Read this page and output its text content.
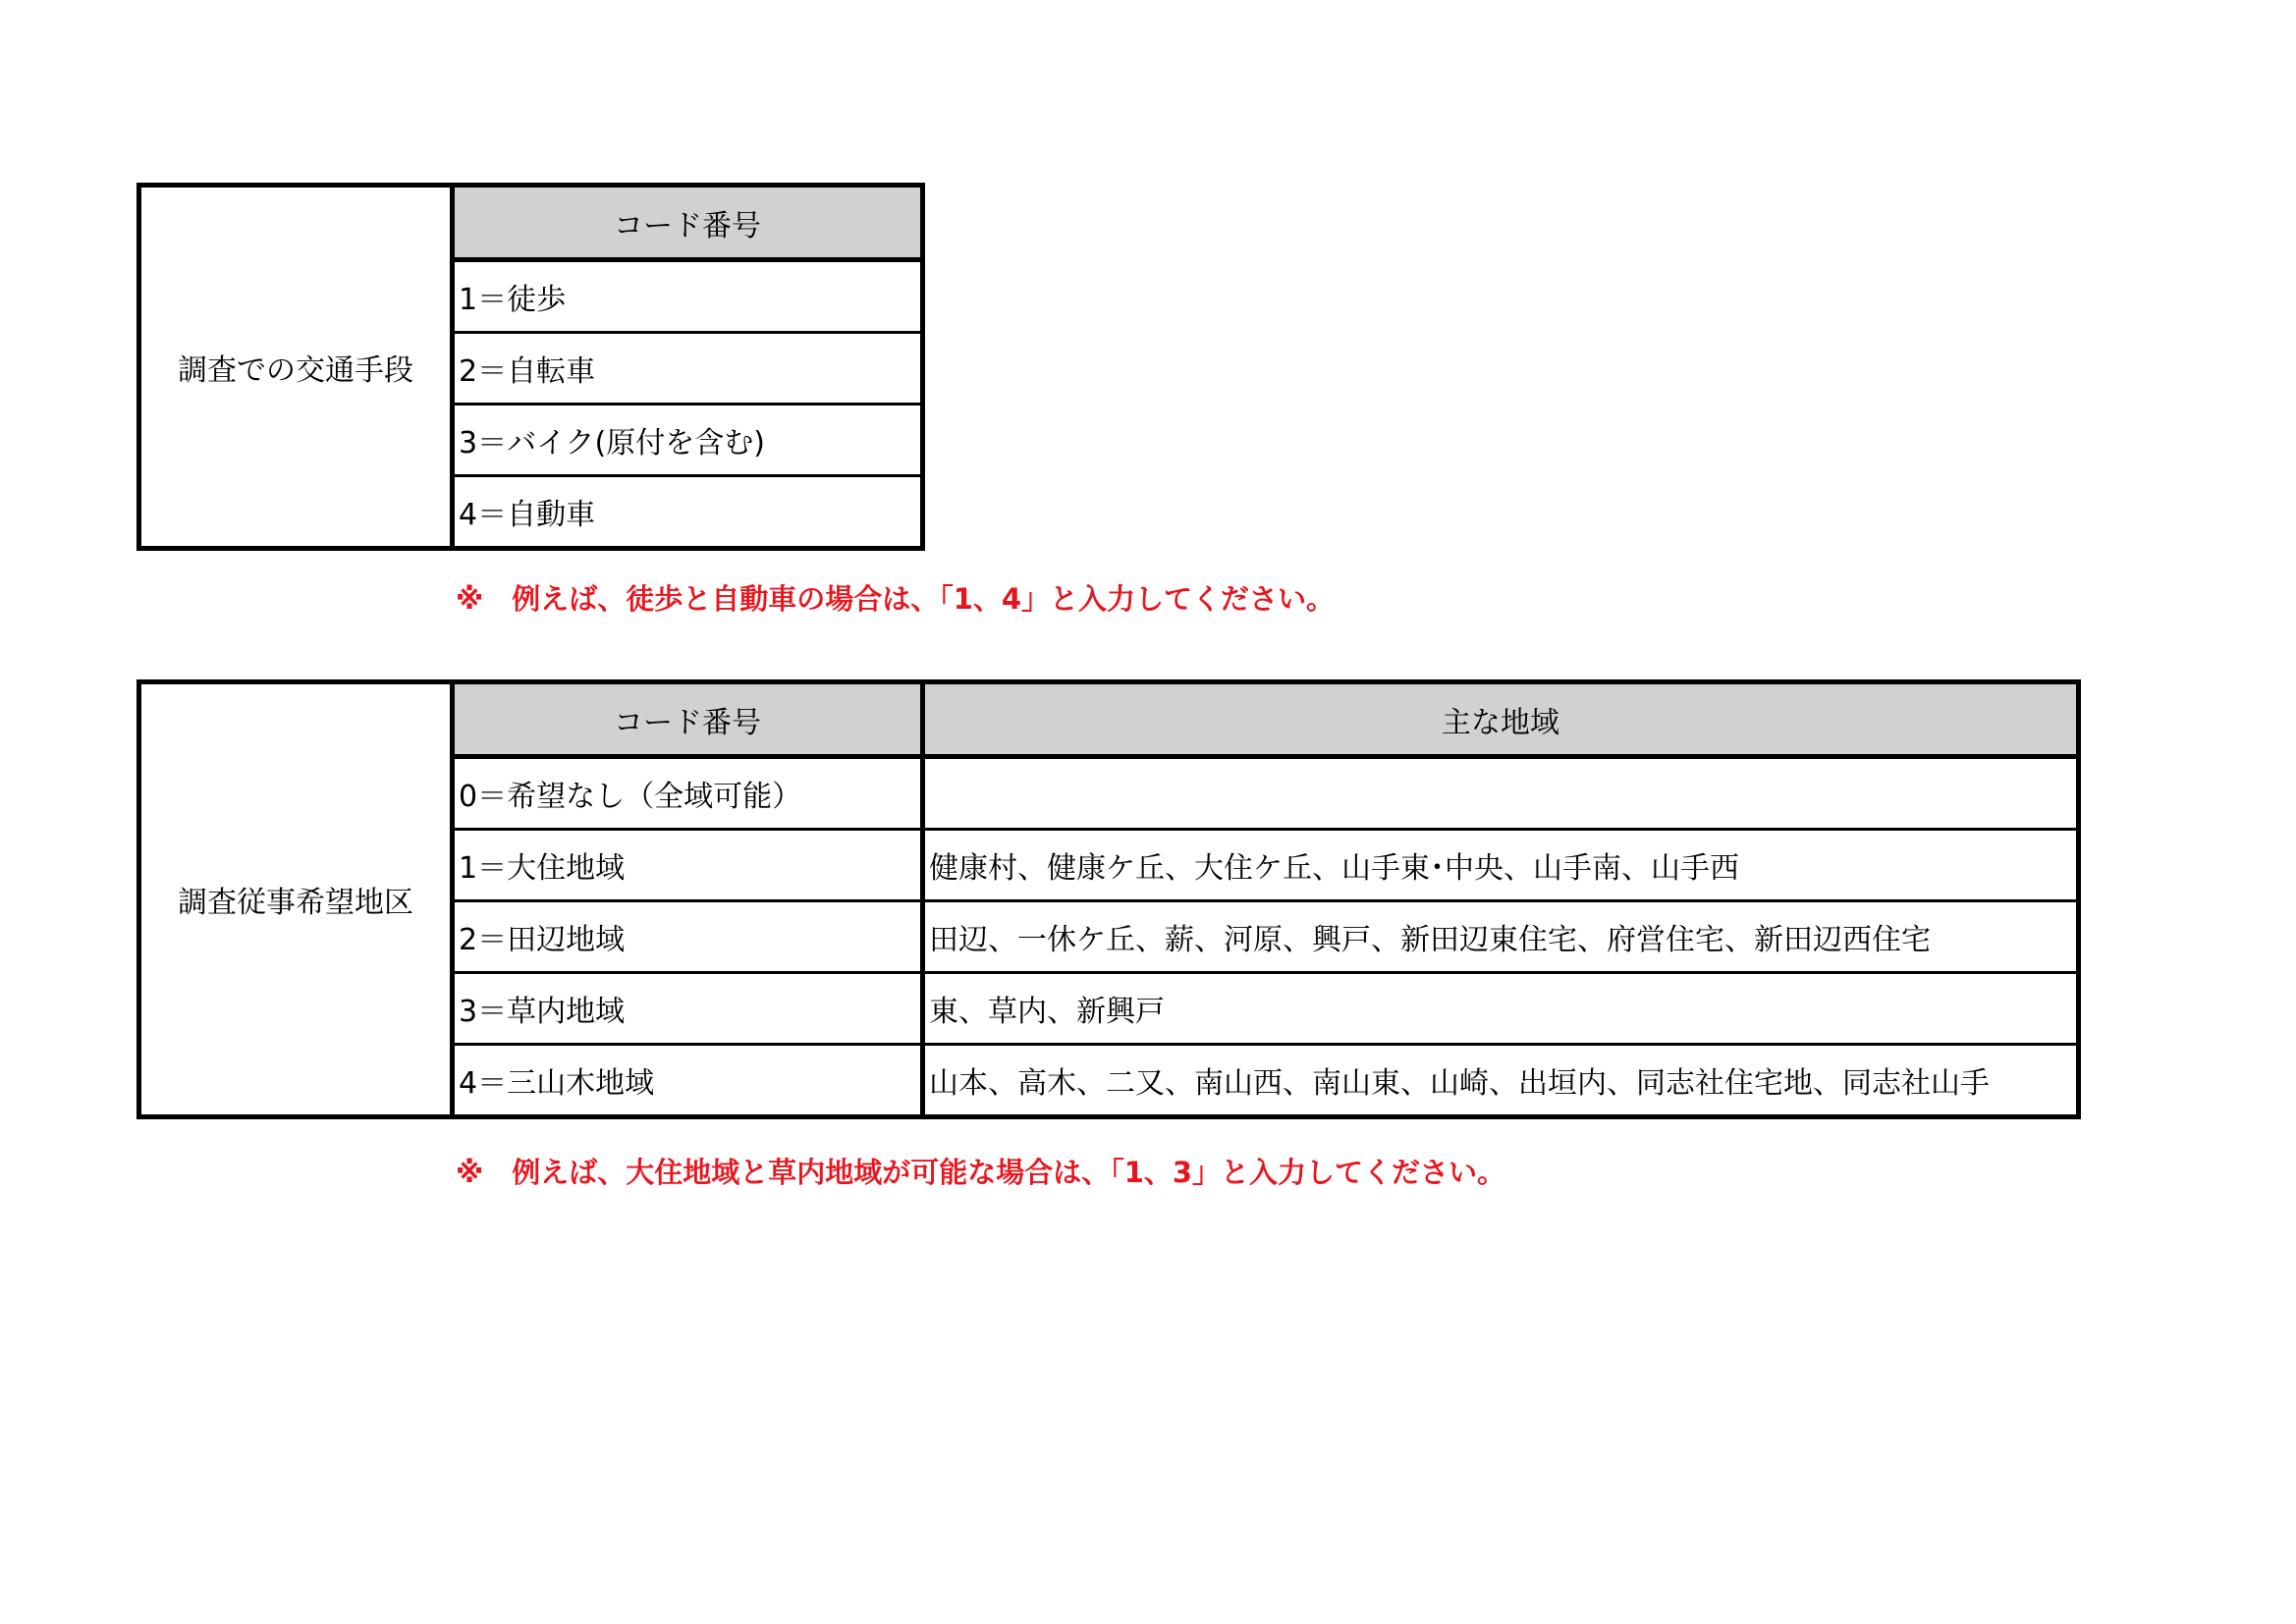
調査での交通手段	コード番号
1＝徒歩
2＝自転車
3＝バイク(原付を含む)
4＝自動車
※　例えば、徒歩と自動車の場合は、「1、4」と入力してください。
調査従事希望地区	コード番号	主な地域
	0＝希望なし（全域可能）	
	1＝大住地域	健康村、健康ケ丘、大住ケ丘、山手東･中央、山手南、山手西
	2＝田辺地域	田辺、一休ケ丘、薪、河原、興戸、新田辺東住宅、府営住宅、新田辺西住宅
	3＝草内地域	東、草内、新興戸
	4＝三山木地域	山本、高木、二又、南山西、南山東、山崎、出垣内、同志社住宅地、同志社山手
※　例えば、大住地域と草内地域が可能な場合は、「1、3」と入力してください。
